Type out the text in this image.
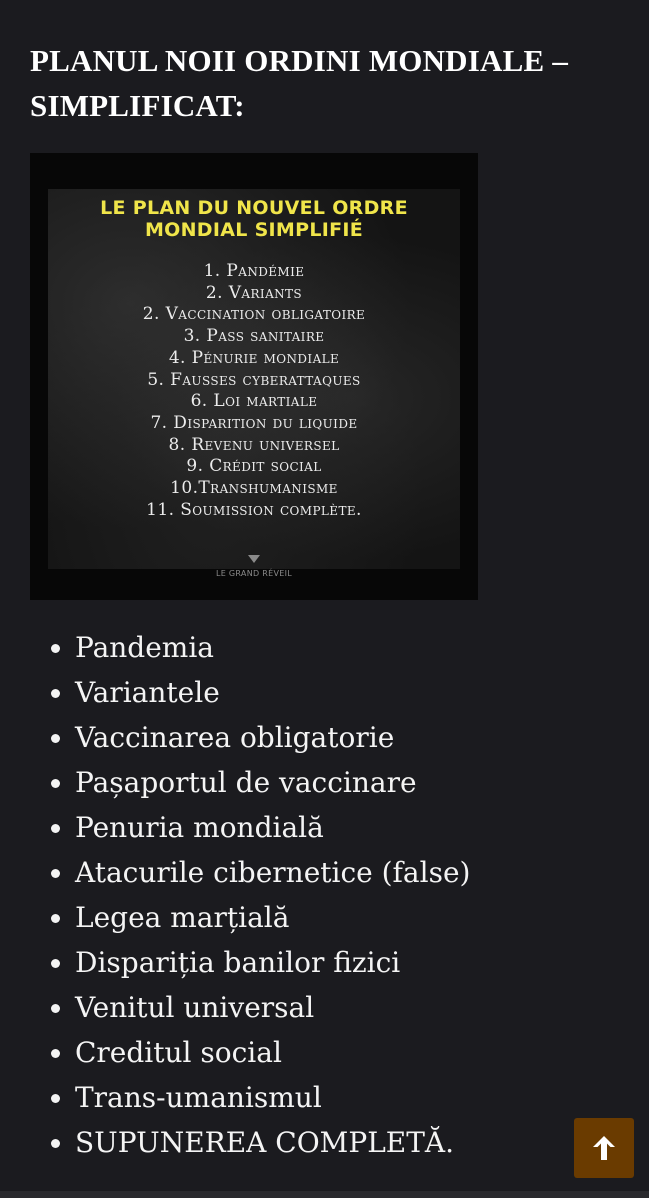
PLANUL NOII ORDINI MONDIALE – SIMPLIFICAT:
LE PLAN DU NOUVEL ORDRE
MONDIAL SIMPLIFIÉ
1. Pandémie
2. Variants
2. Vaccination obligatoire
3. Pass sanitaire
4. Pénurie mondiale
5. Fausses cyberattaques
6. Loi martiale
7. Disparition du liquide
8. Revenu universel
9. Crédit social
10.Transhumanisme
11. Soumission complète.
LE GRAND RÉVEIL
Pandemia
Variantele
Vaccinarea obligatorie
Pașaportul de vaccinare
Penuria mondială
Atacurile cibernetice (false)
Legea marțială
Dispariția banilor fizici
Venitul universal
Creditul social
Trans-umanismul
SUPUNEREA COMPLETĂ.
